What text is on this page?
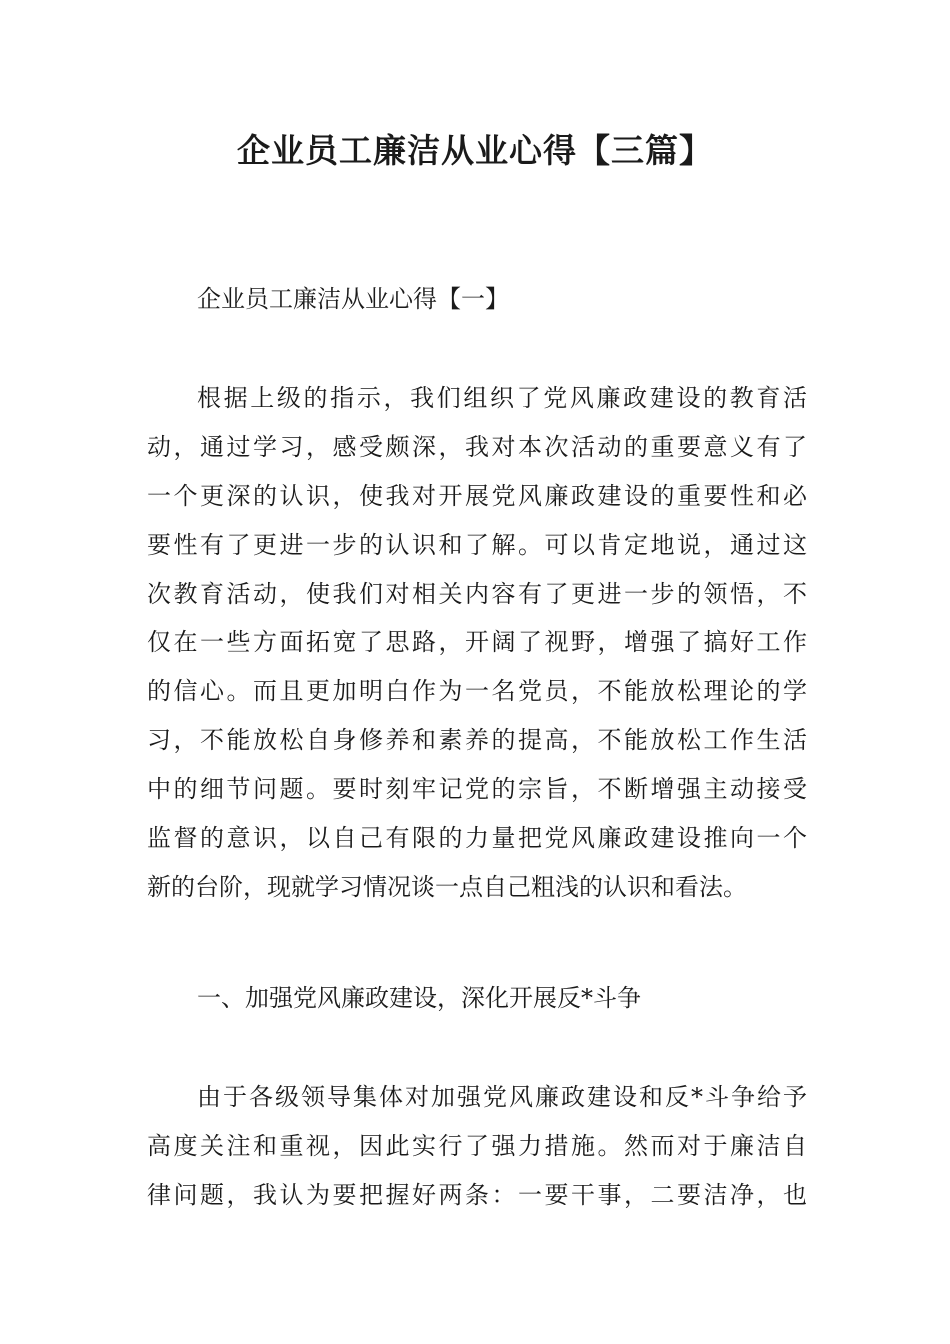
企业员工廉洁从业心得【三篇】

企业员工廉洁从业心得【一】

根据上级的指示，我们组织了党风廉政建设的教育活
动，通过学习，感受颇深，我对本次活动的重要意义有了
一个更深的认识，使我对开展党风廉政建设的重要性和必
要性有了更进一步的认识和了解。可以肯定地说，通过这
次教育活动，使我们对相关内容有了更进一步的领悟，不
仅在一些方面拓宽了思路，开阔了视野，增强了搞好工作
的信心。而且更加明白作为一名党员，不能放松理论的学
习，不能放松自身修养和素养的提高，不能放松工作生活
中的细节问题。要时刻牢记党的宗旨，不断增强主动接受
监督的意识，以自己有限的力量把党风廉政建设推向一个
新的台阶，现就学习情况谈一点自己粗浅的认识和看法。

一、加强党风廉政建设，深化开展反*斗争

由于各级领导集体对加强党风廉政建设和反*斗争给予
高度关注和重视，因此实行了强力措施。然而对于廉洁自
律问题，我认为要把握好两条：一要干事，二要洁净，也
